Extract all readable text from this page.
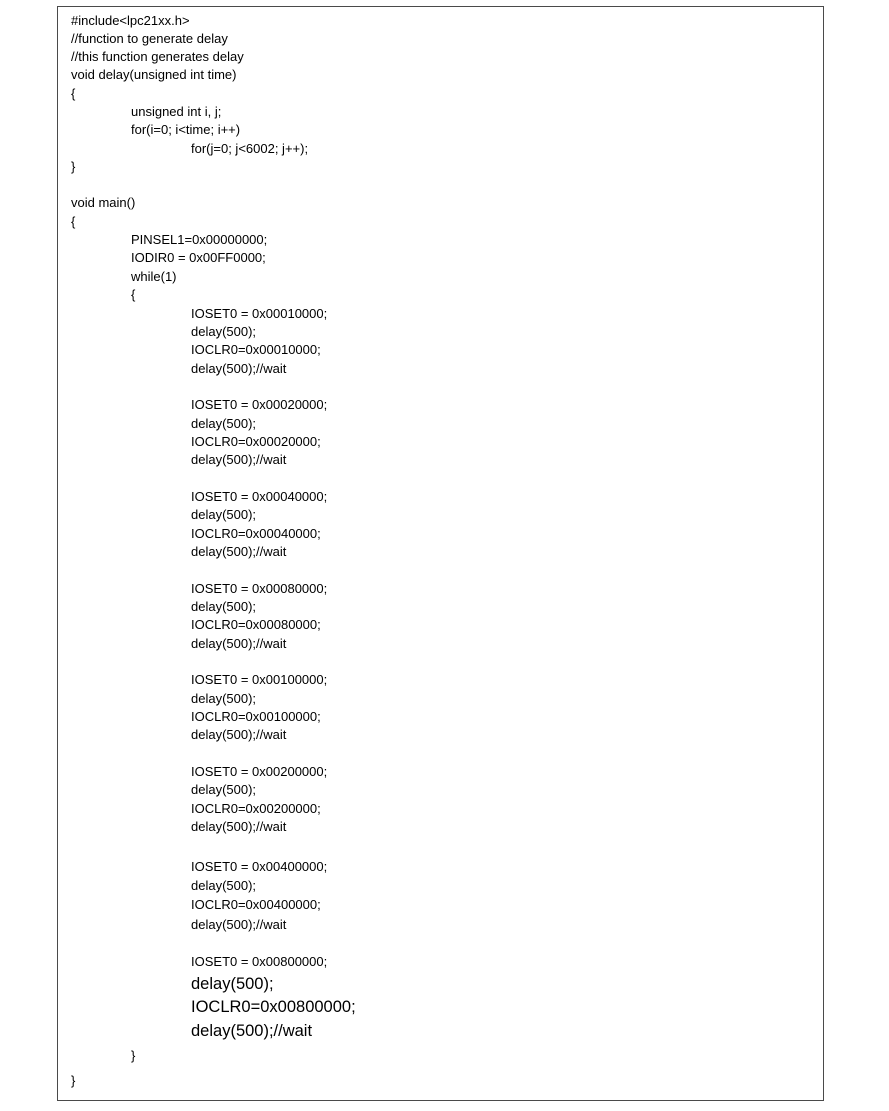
#include<lpc21xx.h>
//function to generate delay
//this function generates delay
void delay(unsigned int time)
{
unsigned int i, j;
for(i=0; i<time; i++)
for(j=0; j<6002; j++);
}
void main()
{
PINSEL1=0x00000000;
IODIR0 = 0x00FF0000;
while(1)
{
IOSET0 = 0x00010000;
delay(500);
IOCLR0=0x00010000;
delay(500);//wait
IOSET0 = 0x00020000;
delay(500);
IOCLR0=0x00020000;
delay(500);//wait
IOSET0 = 0x00040000;
delay(500);
IOCLR0=0x00040000;
delay(500);//wait
IOSET0 = 0x00080000;
delay(500);
IOCLR0=0x00080000;
delay(500);//wait
IOSET0 = 0x00100000;
delay(500);
IOCLR0=0x00100000;
delay(500);//wait
IOSET0 = 0x00200000;
delay(500);
IOCLR0=0x00200000;
delay(500);//wait
IOSET0 = 0x00400000;
delay(500);
IOCLR0=0x00400000;
delay(500);//wait
IOSET0 = 0x00800000;
delay(500);
IOCLR0=0x00800000;
delay(500);//wait
}
}
